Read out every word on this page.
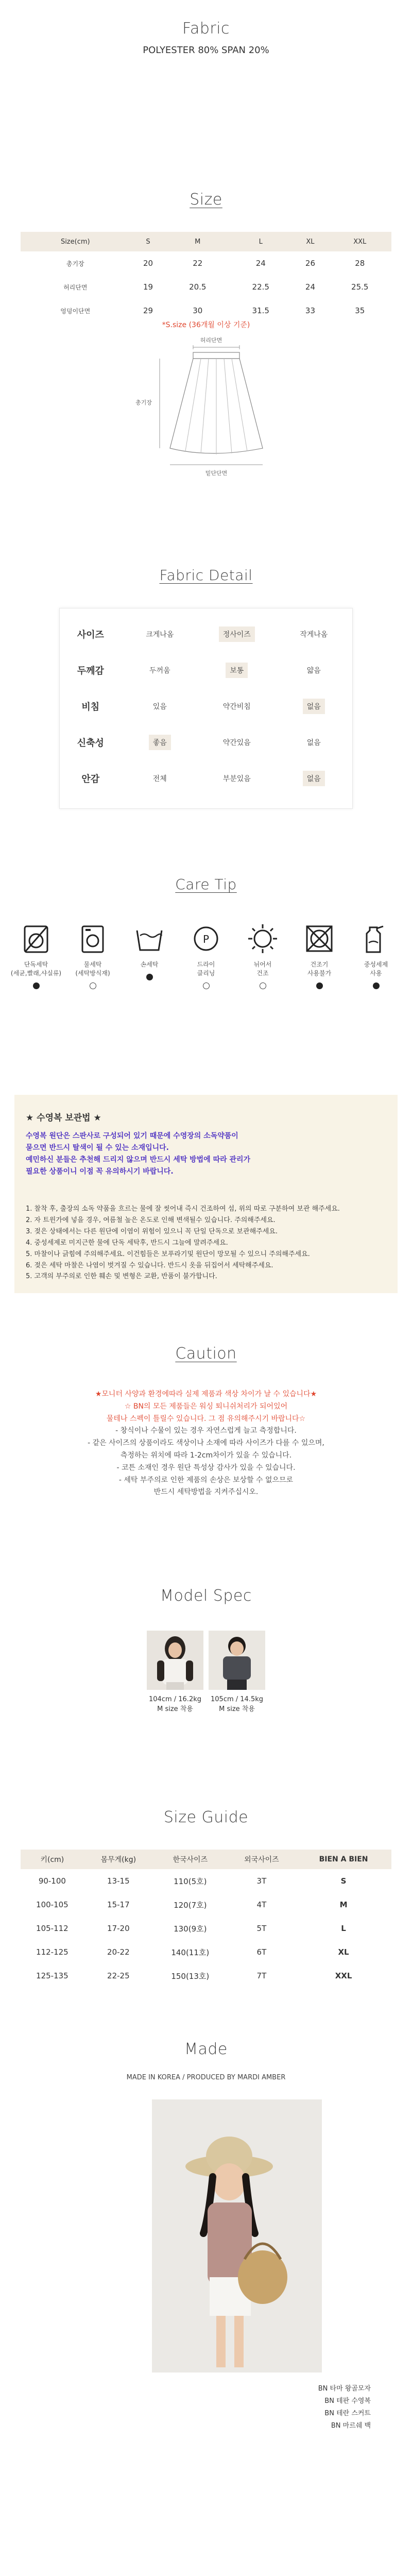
Fabric
POLYESTER 80% SPAN 20%
Size
Size(cm)	S	M	L	XL	XXL
총기장	20	22	24	26	28
허리단면	19	20.5	22.5	24	25.5
엉덩이단면	29	30	31.5	33	35
*S.size (36개월 이상 기준)
허리단면
총기장
밑단단면
Fabric Detail
사이즈	크게나옴	정사이즈	작게나옴
두께감	두꺼움	보통	얇음
비침	있음	약간비침	없음
신축성	좋음	약간있음	없음
안감	전체	부분있음	없음
Care Tip
단독세탁
(세균,빨래,샤실류)
물세탁
(세탁방식재)
손세탁
P
드라이
클리닝
뉘어서
건조
건조기
사용불가
중성세제
사용
★ 수영복 보관법 ★
수영복 원단은 스판사로 구성되어 있기 때문에 수영장의 소독약품이
묻으면 반드시 탈색이 될 수 있는 소재입니다.
예민하신 분들은 추천해 드리지 않으며 반드시 세탁 방법에 따라 관리가
필요한 상품이니 이점 꼭 유의하시기 바랍니다.
1. 찰착 후, 출장의 소독 약품을 흐르는 물에 잘 씻어내 즉시 건조하여 섬, 위의 따로 구분하여 보관 해주세요.
2. 자 트윈가에 넣을 경우, 여름철 높은 온도로 인해 변색될수 있습니다. 주의해주세요.
3. 젖은 상태에서는 다른 원단에 이염이 위험이 있으니 꼭 단일 단독으로 보관해주세요.
4. 중성세제로 미지근한 물에 단독 세탁후, 반드시 그늘에 말려주세요.
5. 마찰이나 긁힘에 주의해주세요. 이건힘들은 보푸라기및 원단이 망모될 수 있으니 주의해주세요.
6. 젖은 세탁 마찰은 나염이 벗겨질 수 있습니다. 반드시 옷을 뒤집어서 세탁해주세요.
5. 고객의 부주의로 인한 훼손 및 변형은 교환, 반품이 불가합니다.
Caution
★모니터 사양과 환경에따라 실제 제품과 색상 차이가 날 수 있습니다★
☆ BN의 모든 제품들은 워싱 퇴니쉬처리가 되어있어
물테나 스펙이 틀릴수 있습니다. 그 점 유의해주시기 바랍니다☆
- 창식이나 수물이 있는 경우 자연스럽게 늘고 측정합니다.
- 같은 사이즈의 상품이라도 색상이나 소재에 따라 사이즈가 다를 수 있으며,
측정하는 위치에 따라 1-2cm차이가 있을 수 있습니다.
- 코튼 소재인 경우 원단 특성상 감사가 있을 수 있습니다.
- 세탁 부주의로 인한 제품의 손상은 보상할 수 없으므로
반드시 세탁방법을 지켜주십시오.
Model Spec
104cm / 16.2kg
M size 착용
105cm / 14.5kg
M size 착용
Size Guide
키(cm)	몸무게(kg)	한국사이즈	외국사이즈	BIEN A BIEN
90-100	13-15	110(5호)	3T	S
100-105	15-17	120(7호)	4T	M
105-112	17-20	130(9호)	5T	L
112-125	20-22	140(11호)	6T	XL
125-135	22-25	150(13호)	7T	XXL
Made
MADE IN KOREA / PRODUCED BY MARDI AMBER
BN 타마 왕골모자
BN 테판 수영복
BN 테란 스커트
BN 마르쉐 백
